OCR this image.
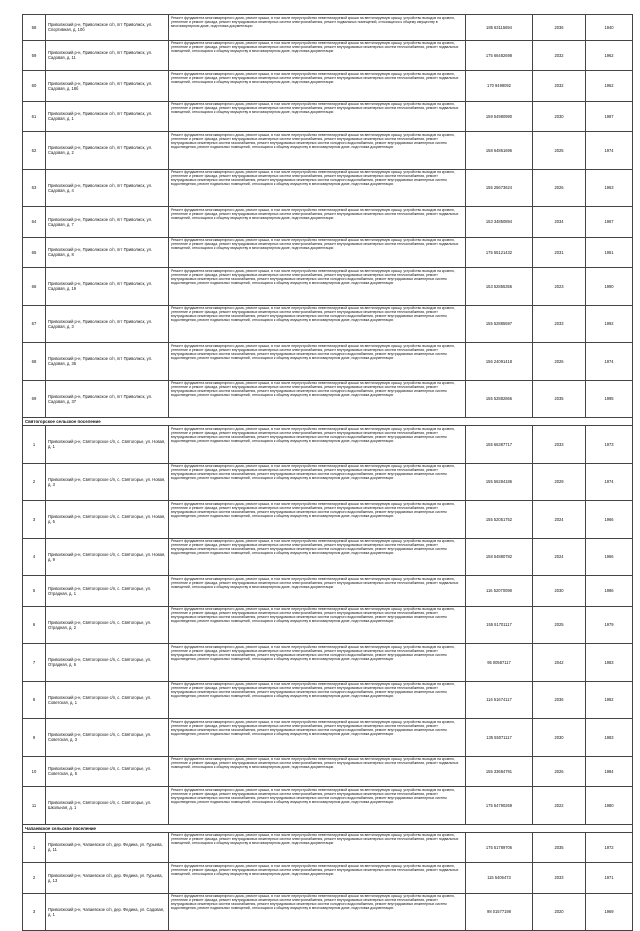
58	Приволжский р-н, Приволжское с/п, пгт Приволжск, ул. Спортивная, д. 10б	Ремонт фундамента многоквартирного дома, ремонт крыши, в том числе переустройство невентилируемой крыши на вентилируемую крышу, устройство выходов на кровлю, утепление и ремонт фасада, ремонт внутридомовых инженерных систем электроснабжения, ремонт подвальных помещений, относящихся к общему имуществу в многоквартирном доме, подготовка документации	185 63115694	2036	1940
59	Приволжский р-н, Приволжское с/п, пгт Приволжск, ул. Садовая, д. 11	Ремонт фундамента многоквартирного дома, ремонт крыши, в том числе переустройство невентилируемой крыши на вентилируемую крышу, устройство выходов на кровлю, утепление и ремонт фасада, ремонт внутридомовых инженерных систем электроснабжения, ремонт внутридомовых инженерных систем теплоснабжения, ремонт подвальных помещений, относящихся к общему имуществу в многоквартирном доме, подготовка документации	175 66482698	2032	1962
60	Приволжский р-н, Приволжское с/п, пгт Приволжск, ул. Садовая, д. 18б	Ремонт фундамента многоквартирного дома, ремонт крыши, в том числе переустройство невентилируемой крыши на вентилируемую крышу, устройство выходов на кровлю, утепление и ремонт фасада, ремонт внутридомовых инженерных систем электроснабжения, ремонт внутридомовых инженерных систем теплоснабжения, ремонт подвальных помещений, относящихся к общему имуществу в многоквартирном доме, подготовка документации	170 9498092	2032	1962
61	Приволжский р-н, Приволжское с/п, пгт Приволжск, ул. Садовая, д. 1	Ремонт фундамента многоквартирного дома, ремонт крыши, в том числе переустройство невентилируемой крыши на вентилируемую крышу, устройство выходов на кровлю, утепление и ремонт фасада, ремонт внутридомовых инженерных систем электроснабжения, ремонт внутридомовых инженерных систем теплоснабжения, ремонт подвальных помещений, относящихся к общему имуществу в многоквартирном доме, подготовка документации	159 54980990	2030	1987
62	Приволжский р-н, Приволжское с/п, пгт Приволжск, ул. Садовая, д. 2	Ремонт фундамента многоквартирного дома, ремонт крыши, в том числе переустройство невентилируемой крыши на вентилируемую крышу, устройство выходов на кровлю, утепление и ремонт фасада, ремонт внутридомовых инженерных систем электроснабжения, ремонт внутридомовых инженерных систем теплоснабжения, ремонт внутридомовых инженерных систем газоснабжения, ремонт внутридомовых инженерных систем холодного водоснабжения, ремонт внутридомовых инженерных систем водоотведения, ремонт подвальных помещений, относящихся к общему имуществу в многоквартирном доме, подготовка документации	158 64861696	2025	1974
63	Приволжский р-н, Приволжское с/п, пгт Приволжск, ул. Садовая, д. 4	Ремонт фундамента многоквартирного дома, ремонт крыши, в том числе переустройство невентилируемой крыши на вентилируемую крышу, устройство выходов на кровлю, утепление и ремонт фасада, ремонт внутридомовых инженерных систем электроснабжения, ремонт внутридомовых инженерных систем теплоснабжения, ремонт внутридомовых инженерных систем газоснабжения, ремонт внутридомовых инженерных систем холодного водоснабжения, ремонт внутридомовых инженерных систем водоотведения, ремонт подвальных помещений, относящихся к общему имуществу в многоквартирном доме, подготовка документации	155 25673624	2026	1963
64	Приволжский р-н, Приволжское с/п, пгт Приволжск, ул. Садовая, д. 7	Ремонт фундамента многоквартирного дома, ремонт крыши, в том числе переустройство невентилируемой крыши на вентилируемую крышу, устройство выходов на кровлю, утепление и ремонт фасада, ремонт внутридомовых инженерных систем электроснабжения, ремонт внутридомовых инженерных систем теплоснабжения, ремонт подвальных помещений, относящихся к общему имуществу в многоквартирном доме, подготовка документации	153 34850894	2034	1967
65	Приволжский р-н, Приволжское с/п, пгт Приволжск, ул. Садовая, д. 8	Ремонт фундамента многоквартирного дома, ремонт крыши, в том числе переустройство невентилируемой крыши на вентилируемую крышу, устройство выходов на кровлю, утепление и ремонт фасада, ремонт внутридомовых инженерных систем электроснабжения, ремонт внутридомовых инженерных систем теплоснабжения, ремонт подвальных помещений, относящихся к общему имуществу в многоквартирном доме, подготовка документации	175 55121432	2031	1951
66	Приволжский р-н, Приволжское с/п, пгт Приволжск, ул. Садовая, д. 19	Ремонт фундамента многоквартирного дома, ремонт крыши, в том числе переустройство невентилируемой крыши на вентилируемую крышу, устройство выходов на кровлю, утепление и ремонт фасада, ремонт внутридомовых инженерных систем электроснабжения, ремонт внутридомовых инженерных систем теплоснабжения, ремонт внутридомовых инженерных систем газоснабжения, ремонт внутридомовых инженерных систем холодного водоснабжения, ремонт внутридомовых инженерных систем водоотведения, ремонт подвальных помещений, относящихся к общему имуществу в многоквартирном доме, подготовка документации	153 52855356	2023	1990
67	Приволжский р-н, Приволжское с/п, пгт Приволжск, ул. Садовая, д. 3	Ремонт фундамента многоквартирного дома, ремонт крыши, в том числе переустройство невентилируемой крыши на вентилируемую крышу, устройство выходов на кровлю, утепление и ремонт фасада, ремонт внутридомовых инженерных систем электроснабжения, ремонт внутридомовых инженерных систем теплоснабжения, ремонт внутридомовых инженерных систем газоснабжения, ремонт внутридомовых инженерных систем холодного водоснабжения, ремонт внутридомовых инженерных систем водоотведения, ремонт подвальных помещений, относящихся к общему имуществу в многоквартирном доме, подготовка документации	155 52885597	2033	1992
68	Приволжский р-н, Приволжское с/п, пгт Приволжск, ул. Садовая, д. 35	Ремонт фундамента многоквартирного дома, ремонт крыши, в том числе переустройство невентилируемой крыши на вентилируемую крышу, устройство выходов на кровлю, утепление и ремонт фасада, ремонт внутридомовых инженерных систем электроснабжения, ремонт внутридомовых инженерных систем теплоснабжения, ремонт внутридомовых инженерных систем газоснабжения, ремонт внутридомовых инженерных систем холодного водоснабжения, ремонт внутридомовых инженерных систем водоотведения, ремонт подвальных помещений, относящихся к общему имуществу в многоквартирном доме, подготовка документации	156 24091418	2026	1974
69	Приволжский р-н, Приволжское с/п, пгт Приволжск, ул. Садовая, д. 37	Ремонт фундамента многоквартирного дома, ремонт крыши, в том числе переустройство невентилируемой крыши на вентилируемую крышу, устройство выходов на кровлю, утепление и ремонт фасада, ремонт внутридомовых инженерных систем электроснабжения, ремонт внутридомовых инженерных систем теплоснабжения, ремонт внутридомовых инженерных систем газоснабжения, ремонт внутридомовых инженерных систем холодного водоснабжения, ремонт внутридомовых инженерных систем водоотведения, ремонт подвальных помещений, относящихся к общему имуществу в многоквартирном доме, подготовка документации	155 52882866	2035	1995
Святогорское сельское поселение					
1	Приволжский р-н, Святогорское с/п, с. Святогорье, ул. Новая, д. 1	Ремонт фундамента многоквартирного дома, ремонт крыши, в том числе переустройство невентилируемой крыши на вентилируемую крышу, устройство выходов на кровлю, утепление и ремонт фасада, ремонт внутридомовых инженерных систем электроснабжения, ремонт внутридомовых инженерных систем теплоснабжения, ремонт внутридомовых инженерных систем газоснабжения, ремонт внутридомовых инженерных систем холодного водоснабжения, ремонт внутридомовых инженерных систем водоотведения, ремонт подвальных помещений, относящихся к общему имуществу в многоквартирном доме, подготовка документации	155 66387717	2033	1973
2	Приволжский р-н, Святогорское с/п, с. Святогорье, ул. Новая, д. 3	Ремонт фундамента многоквартирного дома, ремонт крыши, в том числе переустройство невентилируемой крыши на вентилируемую крышу, устройство выходов на кровлю, утепление и ремонт фасада, ремонт внутридомовых инженерных систем электроснабжения, ремонт внутридомовых инженерных систем теплоснабжения, ремонт внутридомовых инженерных систем газоснабжения, ремонт внутридомовых инженерных систем холодного водоснабжения, ремонт внутридомовых инженерных систем водоотведения, ремонт подвальных помещений, относящихся к общему имуществу в многоквартирном доме, подготовка документации	155 56284186	2029	1974
3	Приволжский р-н, Святогорское с/п, с. Святогорье, ул. Новая, д. 5	Ремонт фундамента многоквартирного дома, ремонт крыши, в том числе переустройство невентилируемой крыши на вентилируемую крышу, устройство выходов на кровлю, утепление и ремонт фасада, ремонт внутридомовых инженерных систем электроснабжения, ремонт внутридомовых инженерных систем теплоснабжения, ремонт внутридомовых инженерных систем газоснабжения, ремонт внутридомовых инженерных систем холодного водоснабжения, ремонт внутридомовых инженерных систем водоотведения, ремонт подвальных помещений, относящихся к общему имуществу в многоквартирном доме, подготовка документации	155 52051752	2024	1966
4	Приволжский р-н, Святогорское с/п, с. Святогорье, ул. Новая, д. 9	Ремонт фундамента многоквартирного дома, ремонт крыши, в том числе переустройство невентилируемой крыши на вентилируемую крышу, устройство выходов на кровлю, утепление и ремонт фасада, ремонт внутридомовых инженерных систем электроснабжения, ремонт внутридомовых инженерных систем теплоснабжения, ремонт внутридомовых инженерных систем газоснабжения, ремонт внутридомовых инженерных систем холодного водоснабжения, ремонт внутридомовых инженерных систем водоотведения, ремонт подвальных помещений, относящихся к общему имуществу в многоквартирном доме, подготовка документации	158 54880782	2024	1966
5	Приволжский р-н, Святогорское с/п, с. Святогорье, ул. Отрадная, д. 1	Ремонт фундамента многоквартирного дома, ремонт крыши, в том числе переустройство невентилируемой крыши на вентилируемую крышу, устройство выходов на кровлю, утепление и ремонт фасада, ремонт внутридомовых инженерных систем электроснабжения, ремонт внутридомовых инженерных систем теплоснабжения, ремонт подвальных помещений, относящихся к общему имуществу в многоквартирном доме, подготовка документации	116 52070098	2030	1986
6	Приволжский р-н, Святогорское с/п, с. Святогорье, ул. Отрадная, д. 2	Ремонт фундамента многоквартирного дома, ремонт крыши, в том числе переустройство невентилируемой крыши на вентилируемую крышу, устройство выходов на кровлю, утепление и ремонт фасада, ремонт внутридомовых инженерных систем электроснабжения, ремонт внутридомовых инженерных систем теплоснабжения, ремонт внутридомовых инженерных систем газоснабжения, ремонт внутридомовых инженерных систем холодного водоснабжения, ремонт внутридомовых инженерных систем водоотведения, ремонт подвальных помещений, относящихся к общему имуществу в многоквартирном доме, подготовка документации	155 51701117	2025	1979
7	Приволжский р-н, Святогорское с/п, с. Святогорье, ул. Отрадная, д. 6	Ремонт фундамента многоквартирного дома, ремонт крыши, в том числе переустройство невентилируемой крыши на вентилируемую крышу, устройство выходов на кровлю, утепление и ремонт фасада, ремонт внутридомовых инженерных систем электроснабжения, ремонт внутридомовых инженерных систем теплоснабжения, ремонт внутридомовых инженерных систем газоснабжения, ремонт внутридомовых инженерных систем холодного водоснабжения, ремонт внутридомовых инженерных систем водоотведения, ремонт подвальных помещений, относящихся к общему имуществу в многоквартирном доме, подготовка документации	95 00587117	2042	1983
8	Приволжский р-н, Святогорское с/п, с. Святогорье, ул. Советская, д. 1	Ремонт фундамента многоквартирного дома, ремонт крыши, в том числе переустройство невентилируемой крыши на вентилируемую крышу, устройство выходов на кровлю, утепление и ремонт фасада, ремонт внутридомовых инженерных систем электроснабжения, ремонт внутридомовых инженерных систем теплоснабжения, ремонт внутридомовых инженерных систем газоснабжения, ремонт внутридомовых инженерных систем холодного водоснабжения, ремонт внутридомовых инженерных систем водоотведения, ремонт подвальных помещений, относящихся к общему имуществу в многоквартирном доме, подготовка документации	116 51674117	2036	1982
9	Приволжский р-н, Святогорское с/п, с. Святогорье, ул. Советская, д. 3	Ремонт фундамента многоквартирного дома, ремонт крыши, в том числе переустройство невентилируемой крыши на вентилируемую крышу, устройство выходов на кровлю, утепление и ремонт фасада, ремонт внутридомовых инженерных систем электроснабжения, ремонт внутридомовых инженерных систем теплоснабжения, ремонт внутридомовых инженерных систем газоснабжения, ремонт внутридомовых инженерных систем холодного водоснабжения, ремонт внутридомовых инженерных систем водоотведения, ремонт подвальных помещений, относящихся к общему имуществу в многоквартирном доме, подготовка документации	135 55071117	2030	1983
10	Приволжский р-н, Святогорское с/п, с. Святогорье, ул. Советская, д. 5	Ремонт фундамента многоквартирного дома, ремонт крыши, в том числе переустройство невентилируемой крыши на вентилируемую крышу, устройство выходов на кровлю, утепление и ремонт фасада, ремонт внутридомовых инженерных систем электроснабжения, ремонт внутридомовых инженерных систем теплоснабжения, ремонт подвальных помещений, относящихся к общему имуществу в многоквартирном доме, подготовка документации	155 33684791	2026	1984
11	Приволжский р-н, Святогорское с/п, с. Святогорье, ул. Школьная, д. 1	Ремонт фундамента многоквартирного дома, ремонт крыши, в том числе переустройство невентилируемой крыши на вентилируемую крышу, устройство выходов на кровлю, утепление и ремонт фасада, ремонт внутридомовых инженерных систем электроснабжения, ремонт внутридомовых инженерных систем теплоснабжения, ремонт внутридомовых инженерных систем газоснабжения, ремонт внутридомовых инженерных систем холодного водоснабжения, ремонт внутридомовых инженерных систем водоотведения, ремонт подвальных помещений, относящихся к общему имуществу в многоквартирном доме, подготовка документации	175 54790269	2022	1980
Чапаевское сельское поселение					
1	Приволжский р-н, Чапаевское с/п, дер. Федина, ул. Гурьева, д. 11	Ремонт фундамента многоквартирного дома, ремонт крыши, в том числе переустройство невентилируемой крыши на вентилируемую крышу, устройство выходов на кровлю, утепление и ремонт фасада, ремонт внутридомовых инженерных систем электроснабжения, ремонт внутридомовых инженерных систем теплоснабжения, ремонт подвальных помещений, относящихся к общему имуществу в многоквартирном доме, подготовка документации	175 51789706	2035	1972
2	Приволжский р-н, Чапаевское с/п, дер. Федина, ул. Гурьева, д. 13	Ремонт фундамента многоквартирного дома, ремонт крыши, в том числе переустройство невентилируемой крыши на вентилируемую крышу, устройство выходов на кровлю, утепление и ремонт фасада, ремонт внутридомовых инженерных систем электроснабжения, ремонт внутридомовых инженерных систем теплоснабжения, ремонт подвальных помещений, относящихся к общему имуществу в многоквартирном доме, подготовка документации	115 5406473	2033	1971
3	Приволжский р-н, Чапаевское с/п, дер. Федина, ул. Садовая, д. 1	Ремонт фундамента многоквартирного дома, ремонт крыши, в том числе переустройство невентилируемой крыши на вентилируемую крышу, устройство выходов на кровлю, утепление и ремонт фасада, ремонт внутридомовых инженерных систем электроснабжения, ремонт внутридомовых инженерных систем теплоснабжения, ремонт внутридомовых инженерных систем газоснабжения, ремонт внутридомовых инженерных систем холодного водоснабжения, ремонт внутридомовых инженерных систем водоотведения, ремонт подвальных помещений, относящихся к общему имуществу в многоквартирном доме, подготовка документации	98 01577198	2020	1969
